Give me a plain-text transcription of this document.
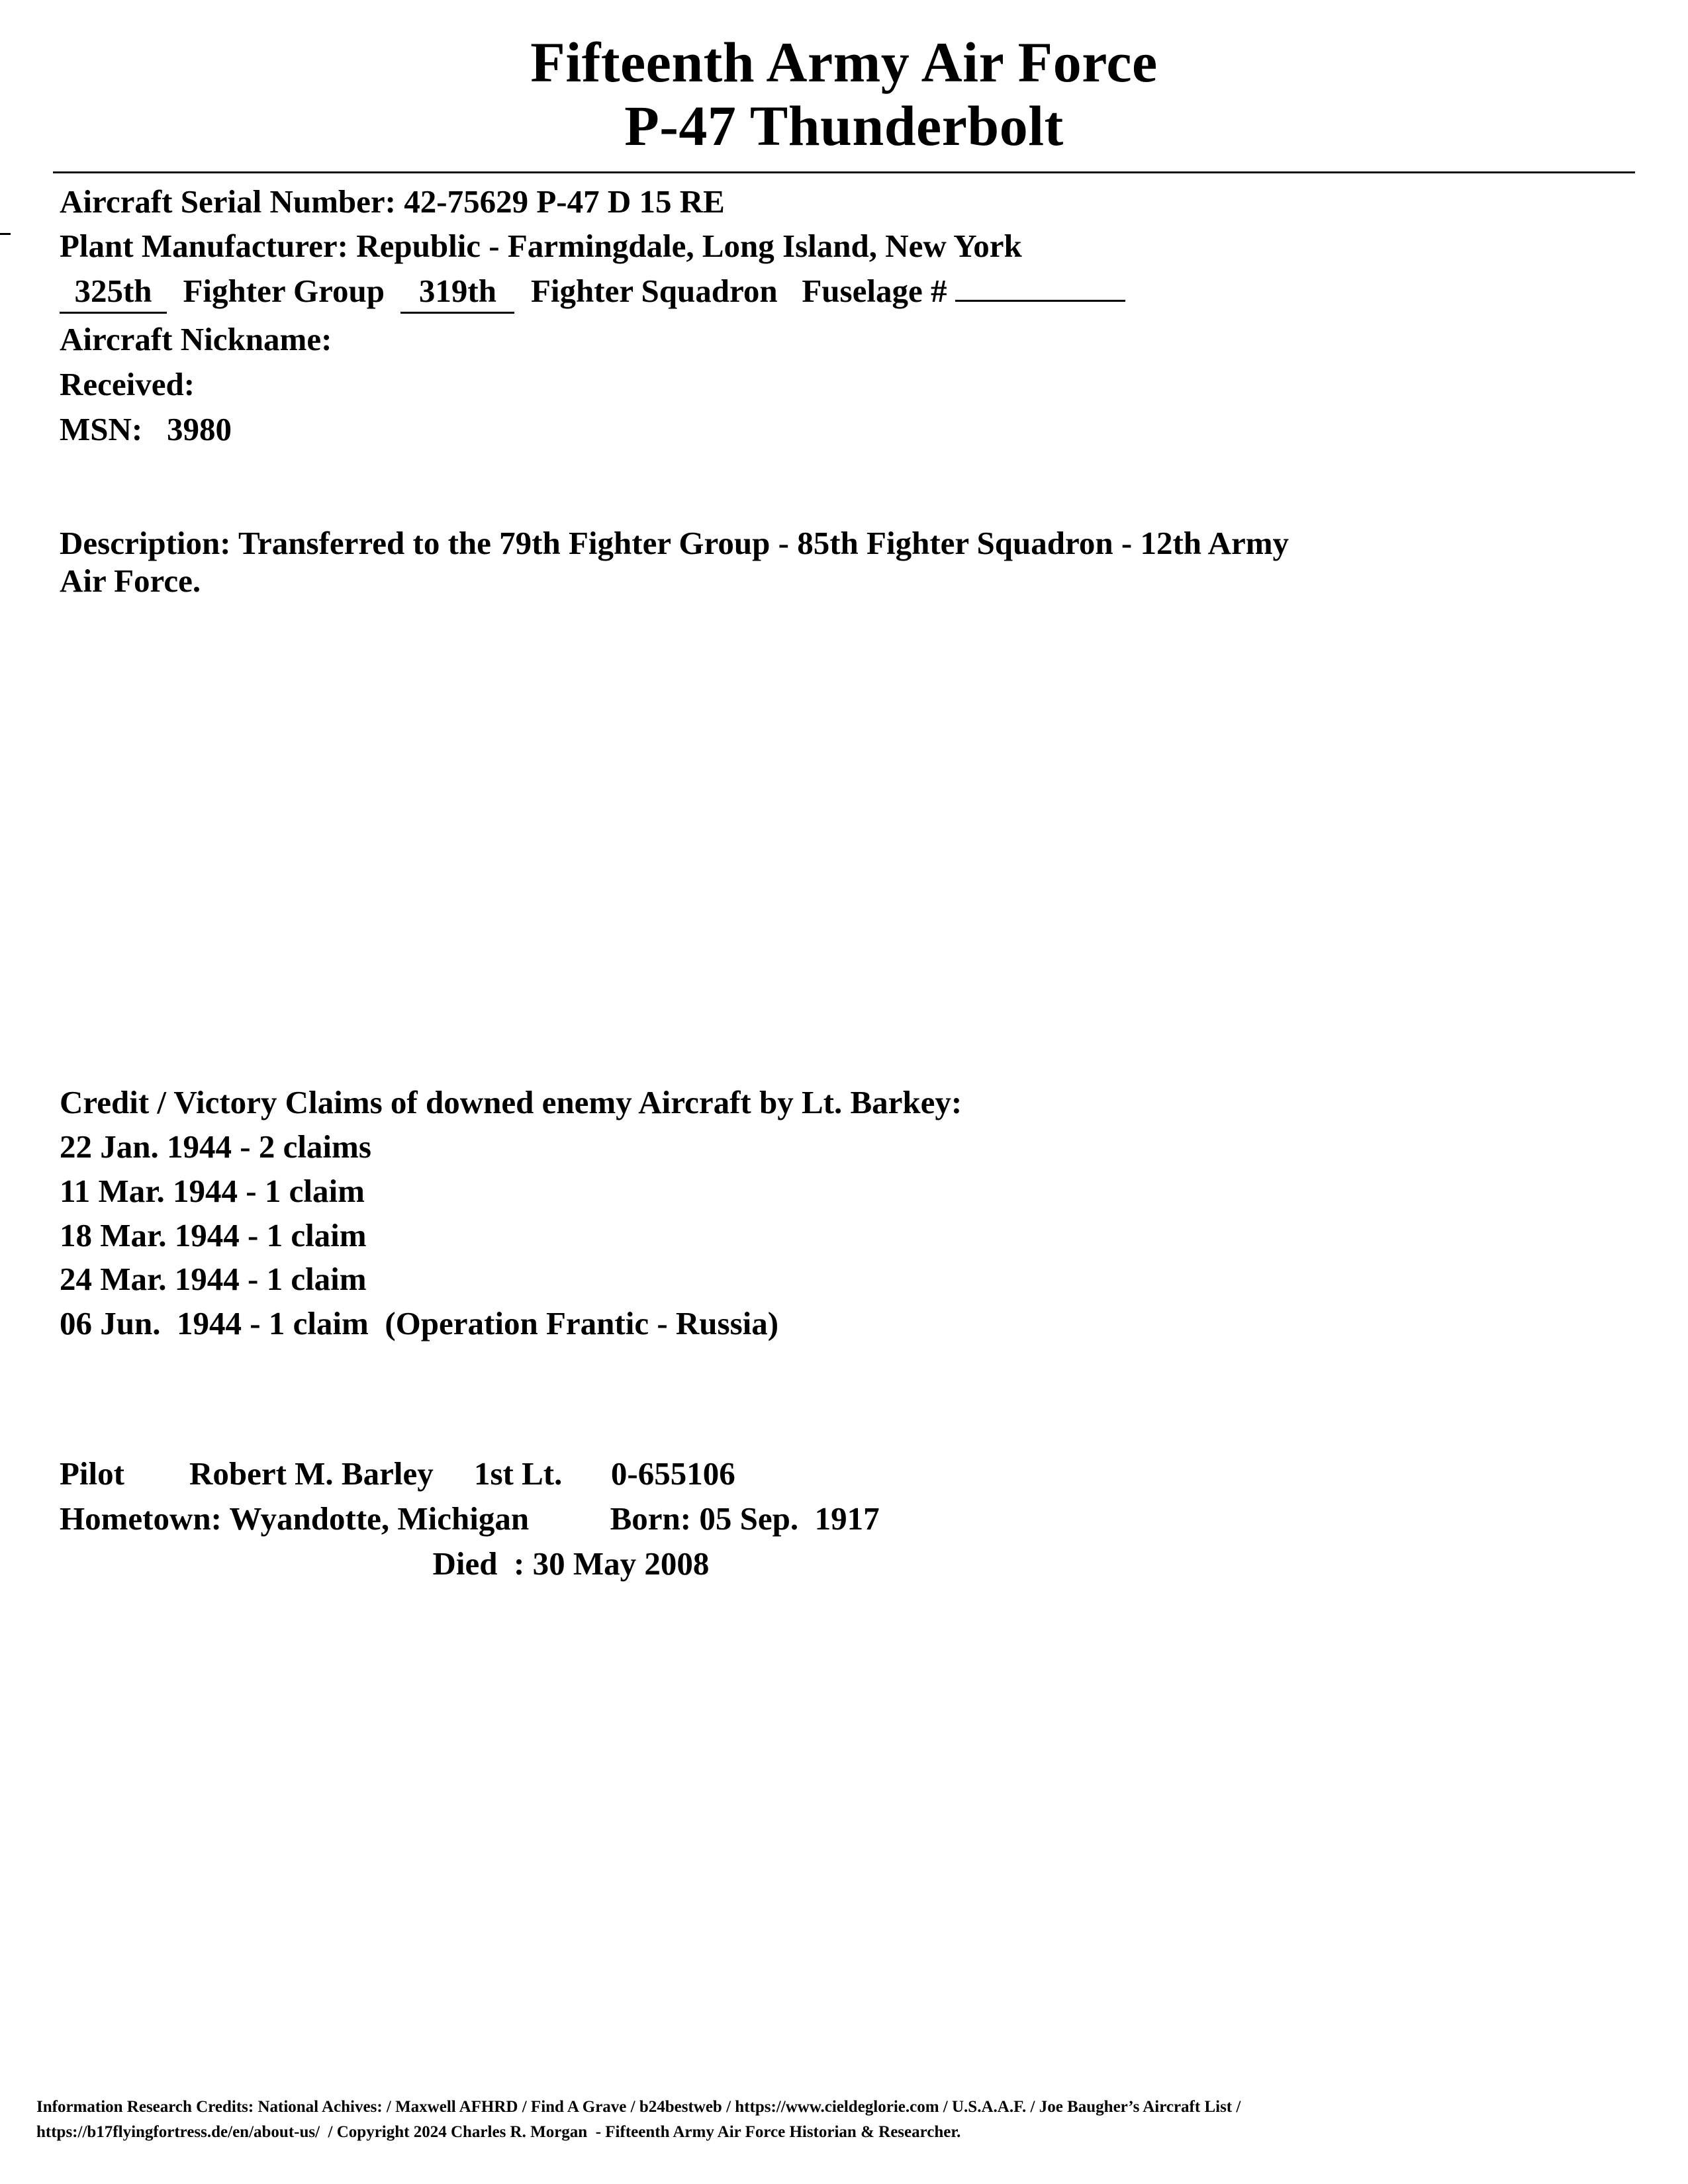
Fifteenth Army Air Force
P-47 Thunderbolt
Aircraft Serial Number: 42-75629 P-47 D 15 RE
Plant Manufacturer: Republic - Farmingdale, Long Island, New York
325th Fighter Group 319th Fighter Squadron Fuselage #
Aircraft Nickname:
Received:
MSN: 3980
Description: Transferred to the 79th Fighter Group - 85th Fighter Squadron - 12th Army Air Force.
Credit / Victory Claims of downed enemy Aircraft by Lt. Barkey:
22 Jan. 1944 - 2 claims
11 Mar. 1944 - 1 claim
18 Mar. 1944 - 1 claim
24 Mar. 1944 - 1 claim
06 Jun.  1944 - 1 claim  (Operation Frantic - Russia)
Pilot Robert M. Barley 1st Lt. 0-655106
Hometown: Wyandotte, Michigan	Born: 05 Sep.  1917
Died  : 30 May 2008
Information Research Credits: National Achives: / Maxwell AFHRD / Find A Grave / b24bestweb / https://www.cieldeglorie.com / U.S.A.A.F. / Joe Baugher’s Aircraft List /
https://b17flyingfortress.de/en/about-us/  / Copyright 2024 Charles R. Morgan  - Fifteenth Army Air Force Historian & Researcher.
